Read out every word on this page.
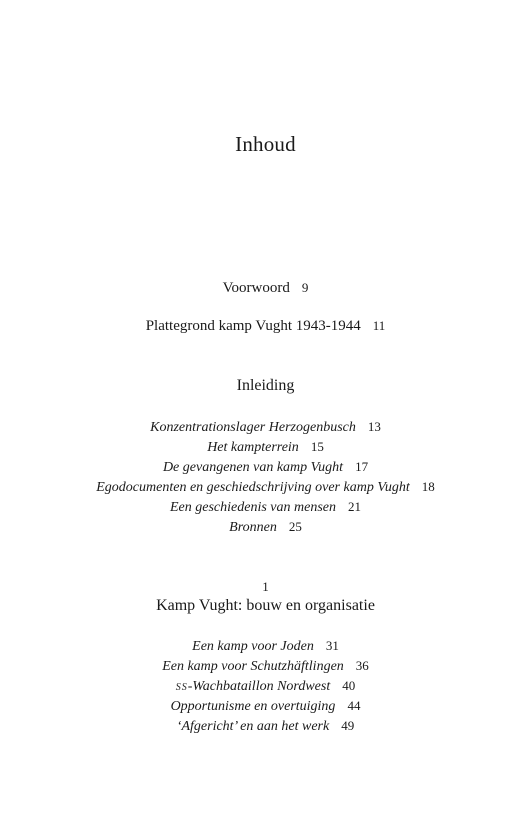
Inhoud
Voorwoord 9
Plattegrond kamp Vught 1943-1944 11
Inleiding
Konzentrationslager Herzogenbusch 13
Het kampterrein 15
De gevangenen van kamp Vught 17
Egodocumenten en geschiedschrijving over kamp Vught 18
Een geschiedenis van mensen 21
Bronnen 25
1
Kamp Vught: bouw en organisatie
Een kamp voor Joden 31
Een kamp voor Schutzhäftlingen 36
ss-Wachbataillon Nordwest 40
Opportunisme en overtuiging 44
‘Afgericht’ en aan het werk 49
